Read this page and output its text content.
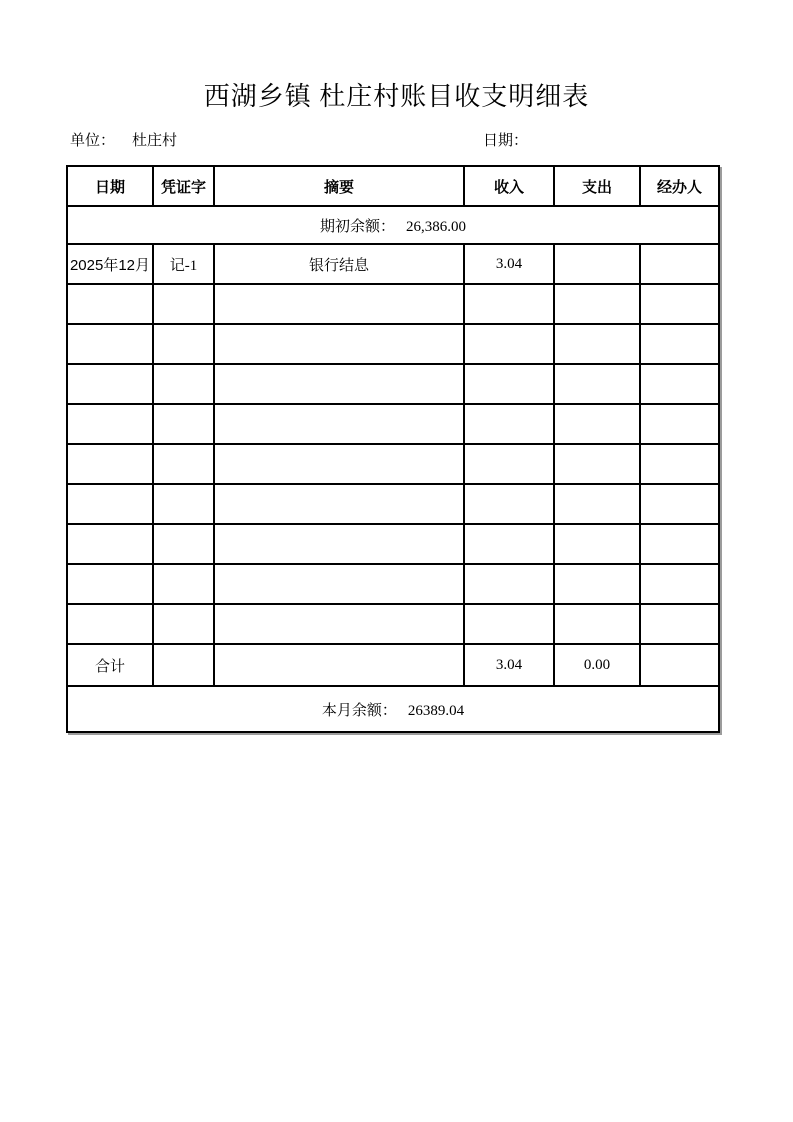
西湖乡镇 杜庄村账目收支明细表
单位： 杜庄村	日期：
日期	凭证字	摘要	收入	支出	经办人
期初余额： 26,386.00					
2025年12月	记-1	银行结息	3.04		

合计			3.04	0.00	
本月余额： 26389.04					
